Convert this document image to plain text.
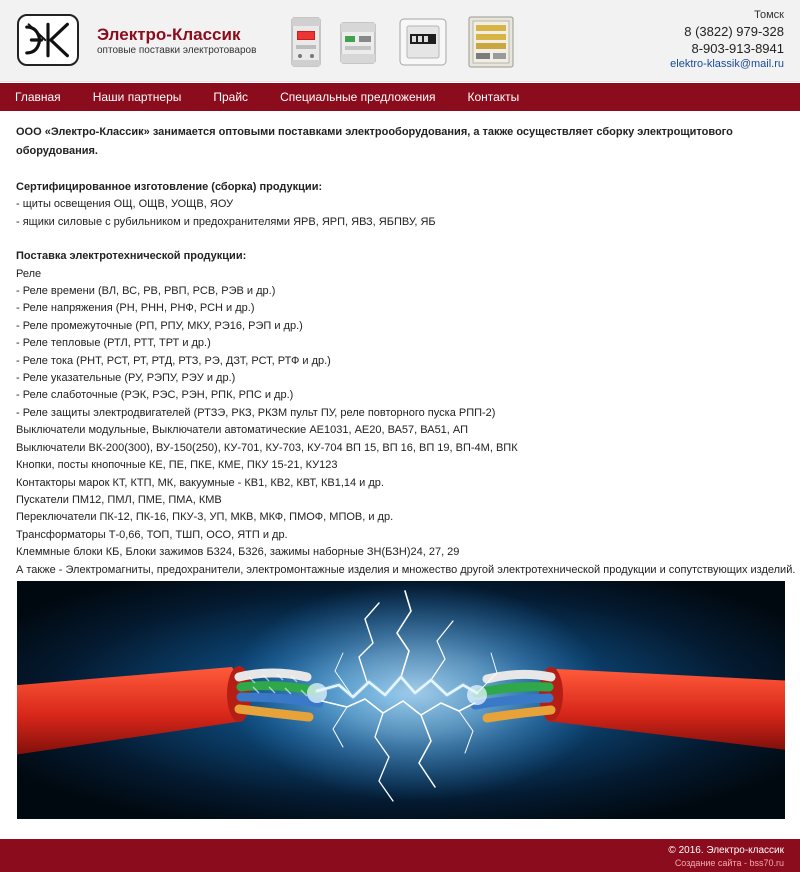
Электро-Классик
оптовые поставки электротоваров
Томск
8 (3822) 979-328
8-903-913-8941
elektro-klassik@mail.ru
Главная	Наши партнеры	Прайс	Специальные предложения	Контакты

ООО «Электро-Классик» занимается оптовыми поставками электрооборудования, а также осуществляет сборку электрощитового оборудования.

Сертифицированное изготовление (сборка) продукции:

- щиты освещения ОЩ, ОЩВ, УОЩВ, ЯОУ

- ящики силовые с рубильником и предохранителями ЯРВ, ЯРП, ЯВЗ, ЯБПВУ, ЯБ

Поставка электротехнической продукции:

Реле

- Реле времени (ВЛ, ВС, РВ, РВП, РСВ, РЭВ и др.)

- Реле напряжения (РН, РНН, РНФ, РСН и др.)

- Реле промежуточные (РП, РПУ, МКУ, РЭ16, РЭП и др.)

- Реле тепловые (РТЛ, РТТ, ТРТ и др.)

- Реле тока (РНТ, РСТ, РТ, РТД, РТЗ, РЭ, ДЗТ, РСТ, РТФ и др.)

- Реле указательные (РУ, РЭПУ, РЭУ и др.)

- Реле слаботочные (РЭК, РЭС, РЭН, РПК, РПС и др.)

- Реле защиты электродвигателей (РТЗЭ, РКЗ, РКЗМ пульт ПУ, реле повторного пуска РПП-2)

Выключатели модульные, Выключатели автоматические АЕ1031, АЕ20, ВА57, ВА51, АП

Выключатели ВК-200(300), ВУ-150(250), КУ-701, КУ-703, КУ-704 ВП 15, ВП 16, ВП 19, ВП-4М, ВПК

Кнопки, посты кнопочные КЕ, ПЕ, ПКЕ, КМЕ, ПКУ 15-21, КУ123

Контакторы марок КТ, КТП, МК, вакуумные - КВ1, КВ2, КВТ, КВ1,14 и др.

Пускатели ПМ12, ПМЛ, ПМЕ, ПМА, КМВ

Переключатели ПК-12, ПК-16, ПКУ-3, УП, МКВ, МКФ, ПМОФ, МПОВ, и др.

Трансформаторы Т-0,66, ТОП, ТШП, ОСО, ЯТП и др.

Клеммные блоки КБ, Блоки зажимов Б324, Б326, зажимы наборные ЗН(БЗН)24, 27, 29

А также - Электромагниты, предохранители, электромонтажные изделия и множество другой электротехнической продукции и сопутствующих изделий.

© 2016. Электро-классик
Создание сайта - bss70.ru
